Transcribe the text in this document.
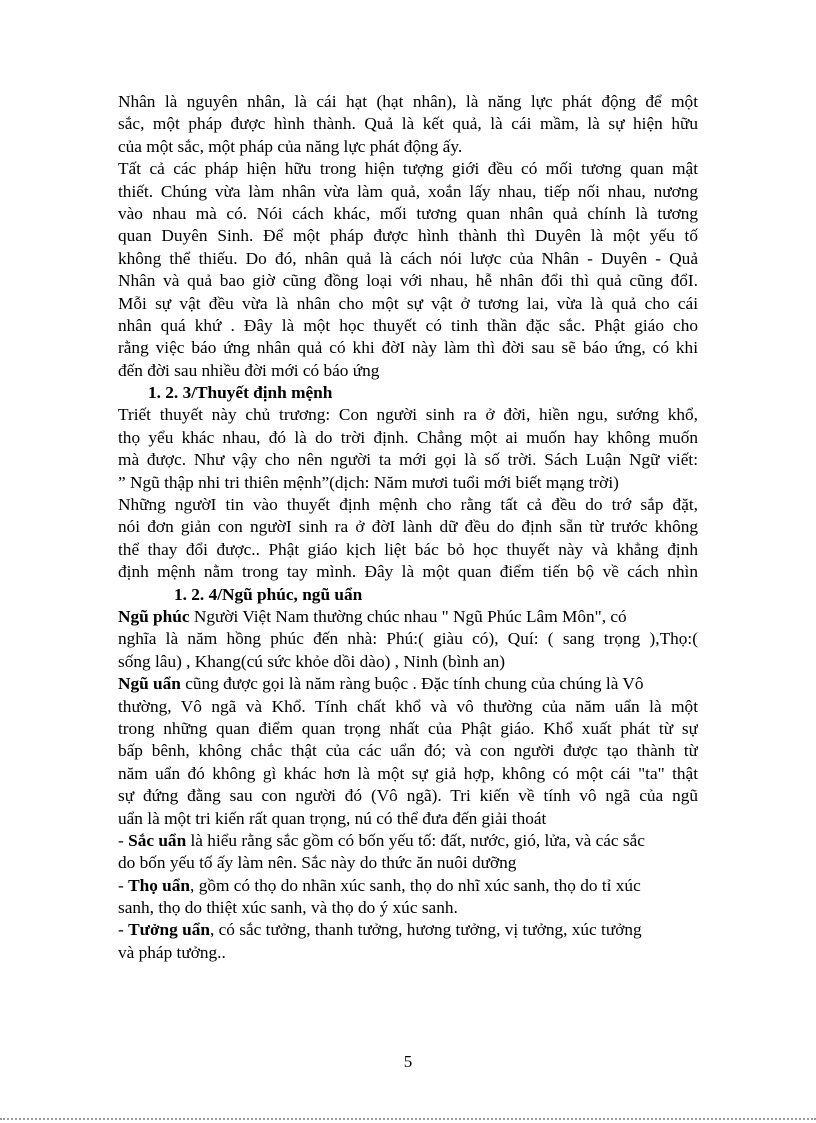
Nhân là nguyên nhân, là cái hạt (hạt nhân), là năng lực phát động để một
sắc, một pháp được hình thành. Quả là kết quả, là cái mầm, là sự hiện hữu
của một sắc, một pháp của năng lực phát động ấy.
Tất cả các pháp hiện hữu trong hiện tượng giới đều có mối tương quan mật
thiết. Chúng vừa làm nhân vừa làm quả, xoắn lấy nhau, tiếp nối nhau, nương
vào nhau mà có. Nói cách khác, mối tương quan nhân quả chính là tương
quan Duyên Sinh. Để một pháp được hình thành thì Duyên là một yếu tố
không thể thiếu. Do đó, nhân quả là cách nói lược của Nhân - Duyên - Quả
Nhân và quả bao giờ cũng đồng loại với nhau, hễ nhân đổi thì quả cũng đổI.
Mỗi sự vật đều vừa là nhân cho một sự vật ở tương lai, vừa là quả cho cái
nhân quá khứ . Đây là một học thuyết có tinh thần đặc sắc. Phật giáo cho
rằng việc báo ứng nhân quả có khi đờI này làm thì đời sau sẽ báo ứng, có khi
đến đời sau nhiều đời mới có báo ứng
1. 2. 3/Thuyết định mệnh
Triết thuyết này chủ trương: Con người sinh ra ở đời, hiền ngu, sướng khổ,
thọ yểu khác nhau, đó là do trời định. Chẳng một ai muốn hay không muốn
mà được. Như vậy cho nên người ta mới gọi là số trời. Sách Luận Ngữ viết:
” Ngũ thập nhi tri thiên mệnh”(dịch: Năm mươi tuổi mới biết mạng trời)
Những ngườI tin vào thuyết định mệnh cho rằng tất cả đều do trớ sắp đặt,
nói đơn giản con ngườI sinh ra ở đờI lành dữ đều do định sẵn từ trước không
thể thay đổi được.. Phật giáo kịch liệt bác bỏ học thuyết này và khẳng định
định mệnh nằm trong tay mình. Đây là một quan điểm tiến bộ về cách nhìn
1. 2. 4/Ngũ phúc, ngũ uẩn
Ngũ phúc Người Việt Nam thường chúc nhau " Ngũ Phúc Lâm Môn", có
nghĩa là năm hồng phúc đến nhà: Phú:( giàu có), Quí: ( sang trọng ),Thọ:(
sống lâu) , Khang(cú sức khỏe dồi dào) , Ninh (bình an)
Ngũ uẩn cũng được gọi là năm ràng buộc . Đặc tính chung của chúng là Vô
thường, Vô ngã và Khổ. Tính chất khổ và vô thường của năm uẩn là một
trong những quan điểm quan trọng nhất của Phật giáo. Khổ xuất phát từ sự
bấp bênh, không chắc thật của các uẩn đó; và con người được tạo thành từ
năm uẩn đó không gì khác hơn là một sự giả hợp, không có một cái "ta" thật
sự đứng đằng sau con người đó (Vô ngã). Tri kiến về tính vô ngã của ngũ
uẩn là một tri kiến rất quan trọng, nú có thể đưa đến giải thoát
- Sắc uẩn là hiểu rằng sắc gồm có bốn yếu tố: đất, nước, gió, lửa, và các sắc
do bốn yếu tố ấy làm nên. Sắc này do thức ăn nuôi dưỡng
- Thọ uẩn, gồm có thọ do nhãn xúc sanh, thọ do nhĩ xúc sanh, thọ do tỉ xúc
sanh, thọ do thiệt xúc sanh, và thọ do ý xúc sanh.
- Tưởng uẩn, có sắc tưởng, thanh tưởng, hương tưởng, vị tưởng, xúc tưởng
và pháp tưởng..
5
